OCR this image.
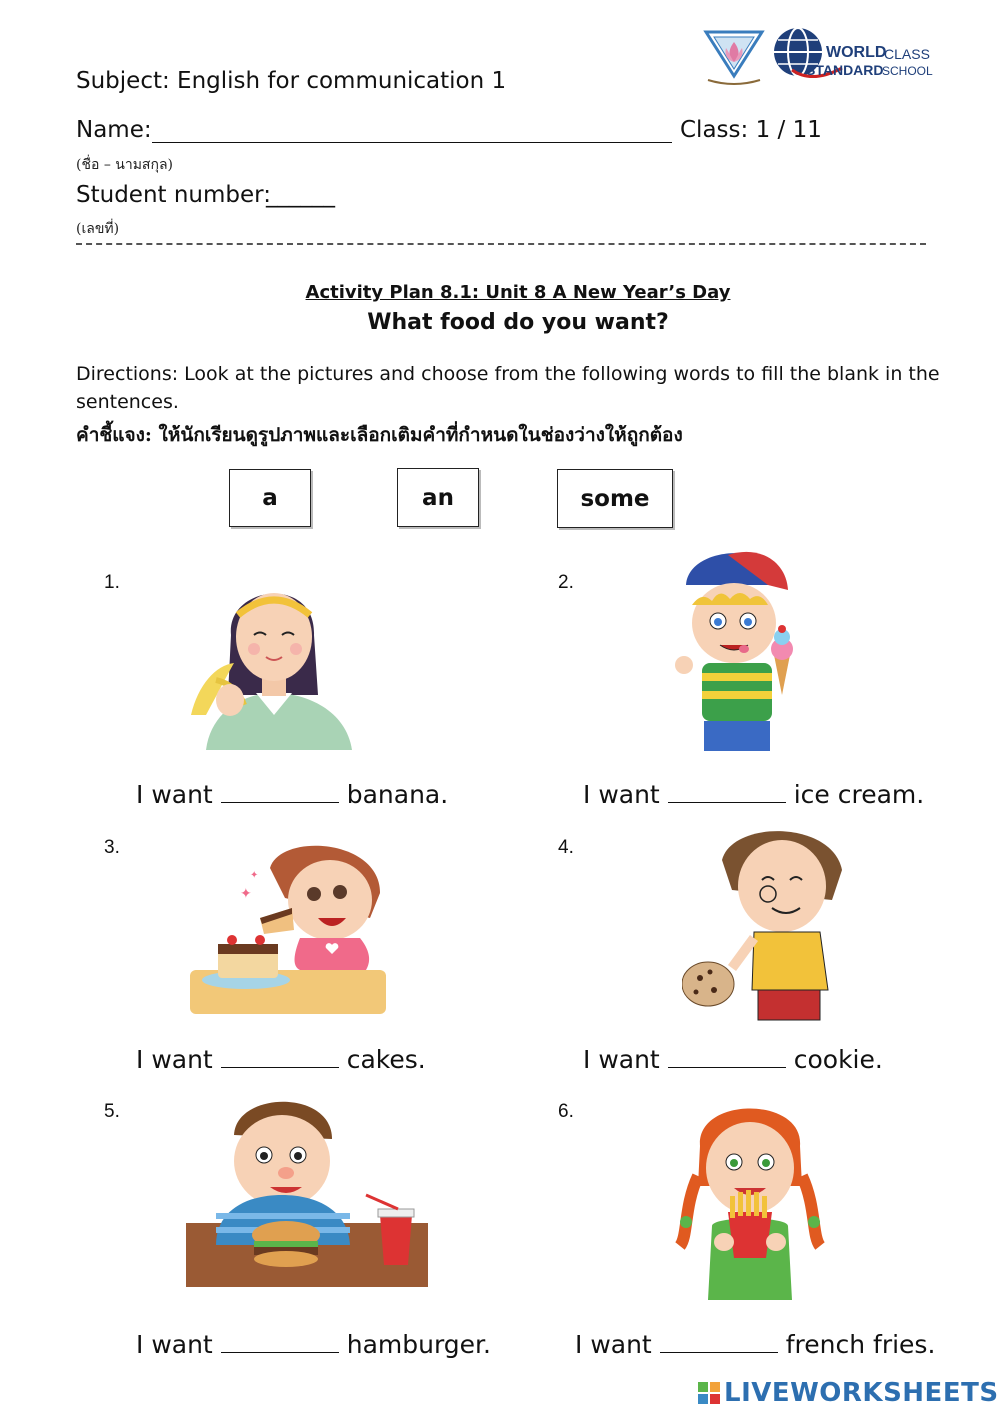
WORLD
CLASS
STANDARD
SCHOOL
Subject: English for communication 1
Name:	Class: 1 / 11
(ชื่อ – นามสกุล)
Student number:
______
(เลขที่)
Activity Plan 8.1: Unit 8 A New Year’s Day
What food do you want?
Directions: Look at the pictures and choose from the following words to fill the blank in the sentences.
คำชี้แจง: ให้นักเรียนดูรูปภาพและเลือกเติมคำที่กำหนดในช่องว่างให้ถูกต้อง
a	an	some
1.	2.
3.	4.
5.	6.
✦
✦
I want	banana.	I want	ice cream.
I want	cakes.	I want	cookie.
I want	hamburger.	I want	french fries.
LIVEWORKSHEETS
